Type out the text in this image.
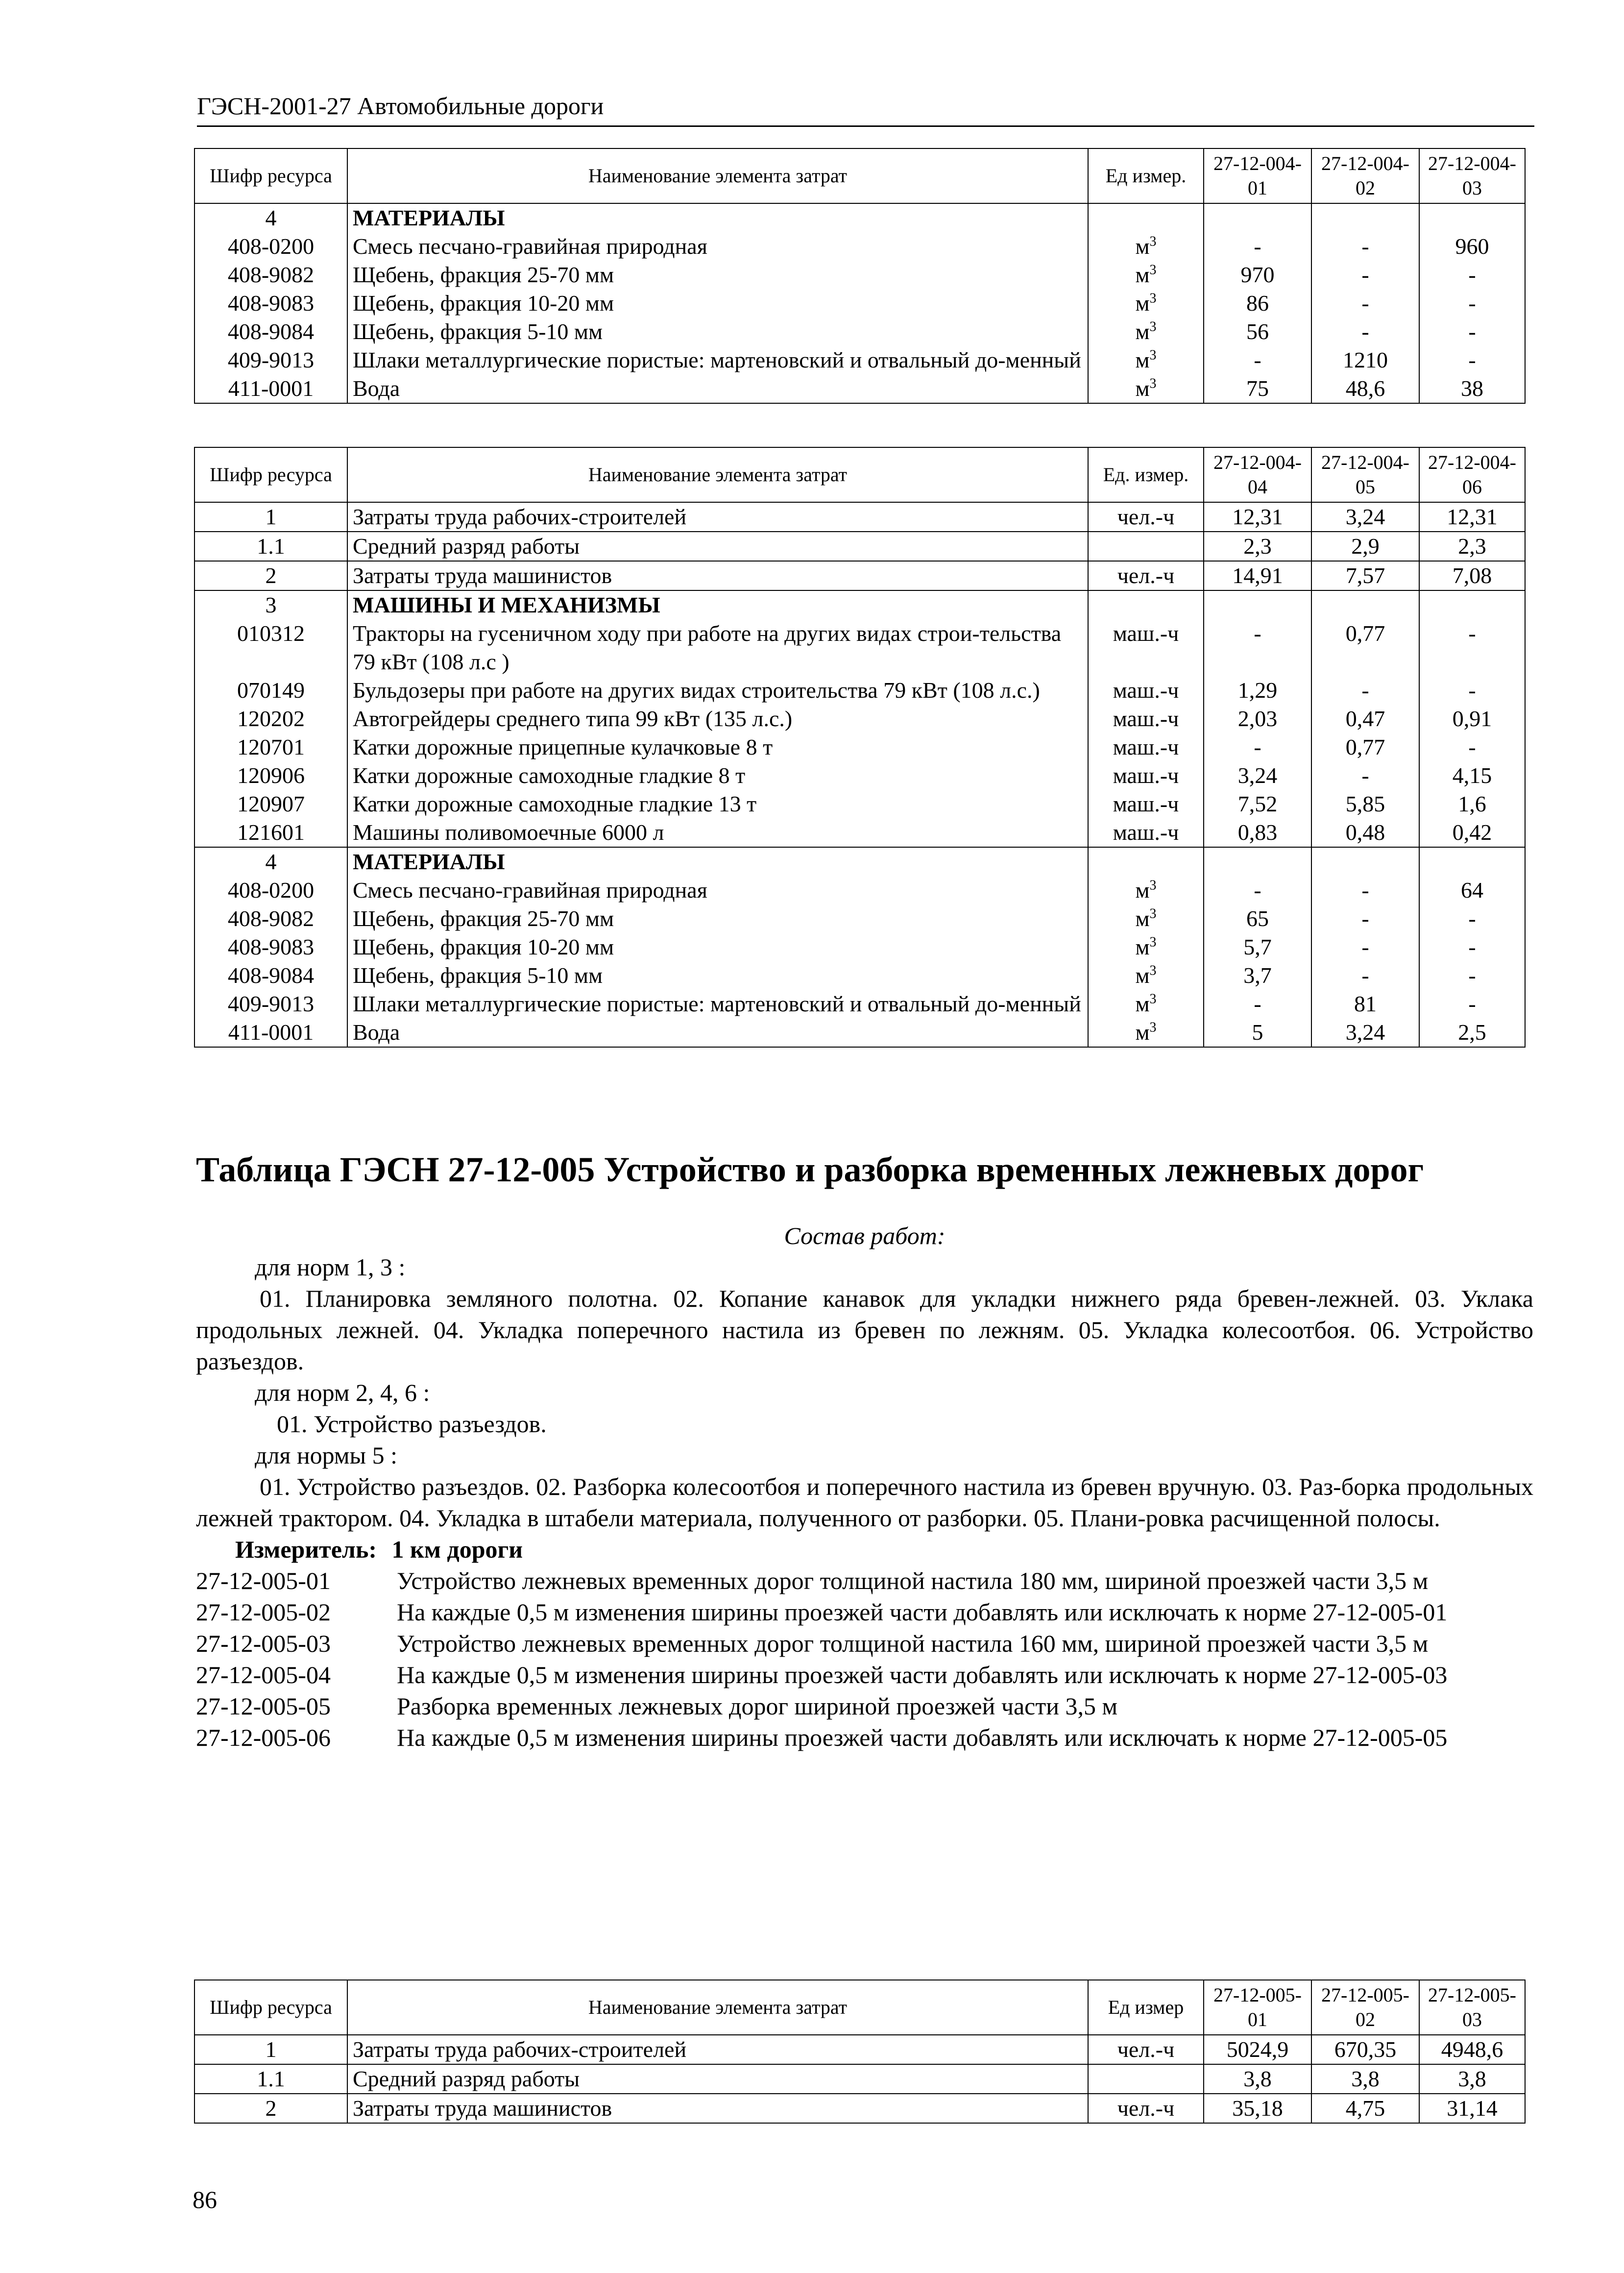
ГЭСН-2001-27 Автомобильные дороги
Шифр ресурса	Наименование элемента затрат	Ед измер.	27-12-004-01	27-12-004-02	27-12-004-03
4	МАТЕРИАЛЫ				
408-0200	Смесь песчано-гравийная природная	$м^3$	-	-	960
408-9082	Щебень, фракция 25-70 мм	$м^3$	970	-	-
408-9083	Щебень, фракция 10-20 мм	$м^3$	86	-	-
408-9084	Щебень, фракция 5-10 мм	$м^3$	56	-	-
409-9013	Шлаки металлургические пористые: мартеновский и отвальный до-менный	$м^3$	-	1210	-
411-0001	Вода	$м^3$	75	48,6	38
Шифр ресурса	Наименование элемента затрат	Ед. измер.	27-12-004-04	27-12-004-05	27-12-004-06
1	Затраты труда рабочих-строителей	чел.-ч	12,31	3,24	12,31
1.1	Средний разряд работы		2,3	2,9	2,3
2	Затраты труда машинистов	чел.-ч	14,91	7,57	7,08
3	МАШИНЫ И МЕХАНИЗМЫ				
010312	Тракторы на гусеничном ходу при работе на других видах строи-тельства 79 кВт (108 л.с )	маш.-ч	-	0,77	-
070149	Бульдозеры при работе на других видах строительства 79 кВт (108 л.с.)	маш.-ч	1,29	-	-
120202	Автогрейдеры среднего типа 99 кВт (135 л.с.)	маш.-ч	2,03	0,47	0,91
120701	Катки дорожные прицепные кулачковые 8 т	маш.-ч	-	0,77	-
120906	Катки дорожные самоходные гладкие 8 т	маш.-ч	3,24	-	4,15
120907	Катки дорожные самоходные гладкие 13 т	маш.-ч	7,52	5,85	1,6
121601	Машины поливомоечные 6000 л	маш.-ч	0,83	0,48	0,42
4	МАТЕРИАЛЫ				
408-0200	Смесь песчано-гравийная природная	$м^3$	-	-	64
408-9082	Щебень, фракция 25-70 мм	$м^3$	65	-	-
408-9083	Щебень, фракция 10-20 мм	$м^3$	5,7	-	-
408-9084	Щебень, фракция 5-10 мм	$м^3$	3,7	-	-
409-9013	Шлаки металлургические пористые: мартеновский и отвальный до-менный	$м^3$	-	81	-
411-0001	Вода	$м^3$	5	3,24	2,5
Таблица ГЭСН 27-12-005 Устройство и разборка временных лежневых дорог
Состав работ:
для норм 1, 3 :
01. Планировка земляного полотна. 02. Копание канавок для укладки нижнего ряда бревен-лежней. 03. Уклака продольных лежней. 04. Укладка поперечного настила из бревен по лежням. 05. Укладка колесоотбоя. 06. Устройство разъездов.
для норм 2, 4, 6 :
01. Устройство разъездов.
для нормы 5 :
01. Устройство разъездов. 02. Разборка колесоотбоя и поперечного настила из бревен вручную. 03. Раз-борка продольных лежней трактором. 04. Укладка в штабели материала, полученного от разборки. 05. Плани-ровка расчищенной полосы.
Измеритель: 1 км дороги
27-12-005-01	Устройство лежневых временных дорог толщиной настила 180 мм, шириной проезжей части 3,5 м
27-12-005-02	На каждые 0,5 м изменения ширины проезжей части добавлять или исключать к норме 27-12-005-01
27-12-005-03	Устройство лежневых временных дорог толщиной настила 160 мм, шириной проезжей части 3,5 м
27-12-005-04	На каждые 0,5 м изменения ширины проезжей части добавлять или исключать к норме 27-12-005-03
27-12-005-05	Разборка временных лежневых дорог шириной проезжей части 3,5 м
27-12-005-06	На каждые 0,5 м изменения ширины проезжей части добавлять или исключать к норме 27-12-005-05
Шифр ресурса	Наименование элемента затрат	Ед измер	27-12-005-01	27-12-005-02	27-12-005-03
1	Затраты труда рабочих-строителей	чел.-ч	5024,9	670,35	4948,6
1.1	Средний разряд работы		3,8	3,8	3,8
2	Затраты труда машинистов	чел.-ч	35,18	4,75	31,14
86
